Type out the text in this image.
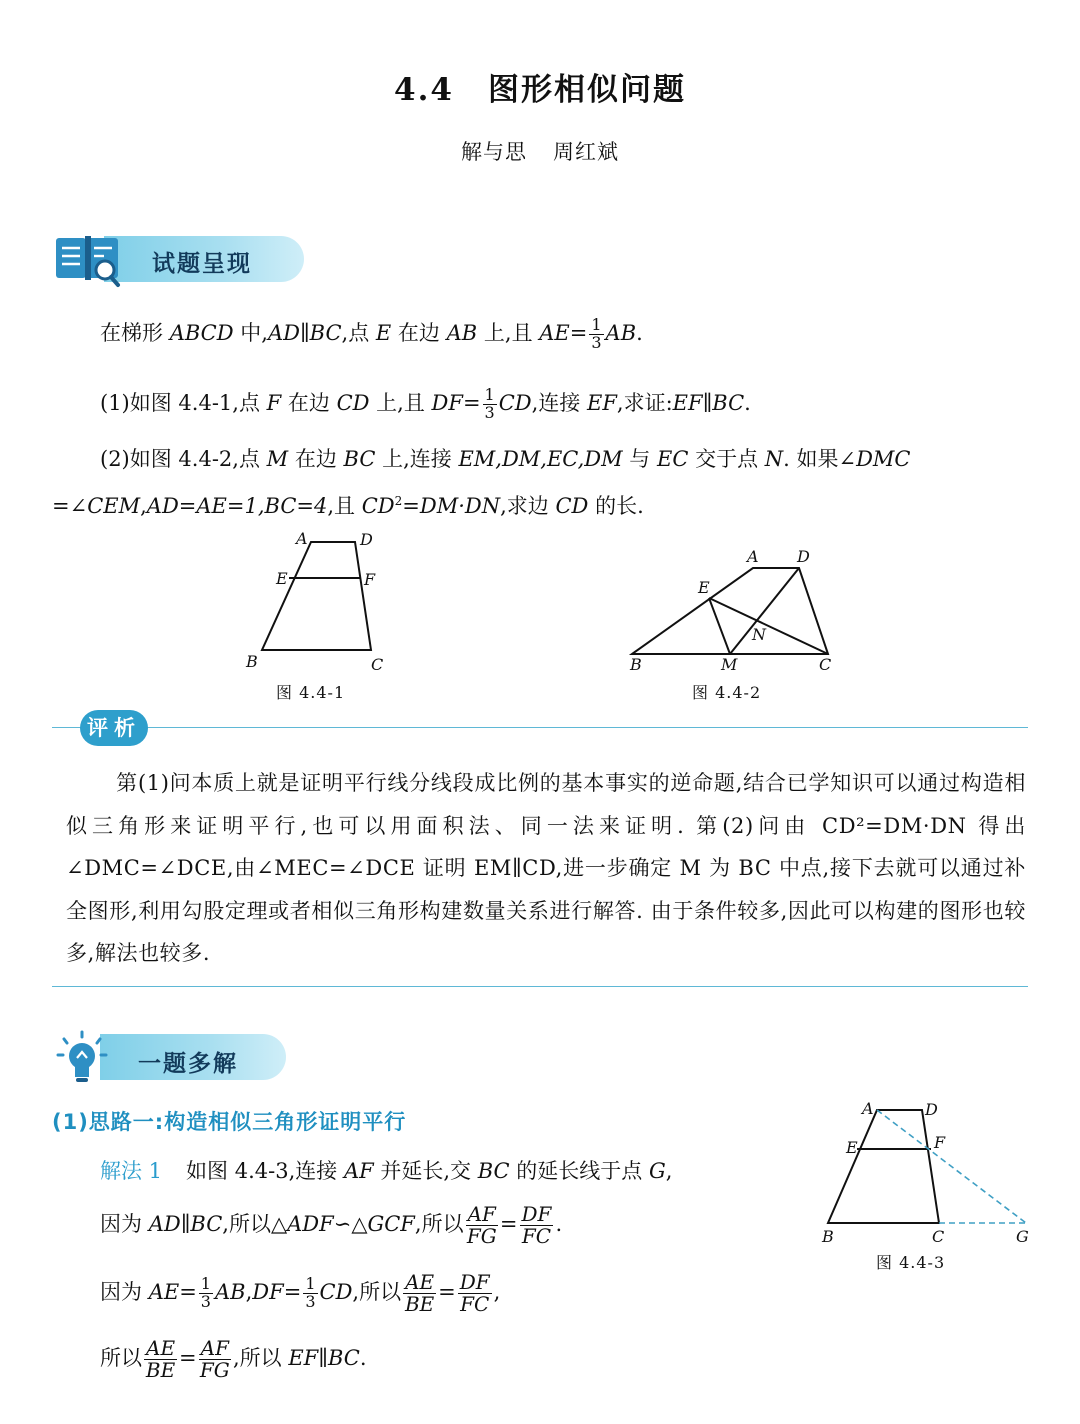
4.4 图形相似问题
解与思 周红斌
试题呈现
在梯形 ABCD 中,AD∥BC,点 E 在边 AB 上,且 $AE= \frac{1}{3}$ AB.
(1)如图 4.4-1,点 F 在边 CD 上,且 $DF= \frac{1}{3}$ CD,连接 EF,求证:EF∥BC.
(2)如图 4.4-2,点 M 在边 BC 上,连接 EM,DM,EC,DM 与 EC 交于点 N. 如果∠DMC
=∠CEM,AD=AE=1,BC=4,且 $CD^2=DM\cdot DN$,求边 CD 的长.
A	D
E	F
B	C
图 4.4-1
A D
E
N
B	M	C
图 4.4-2
评析
第(1)问本质上就是证明平行线分线段成比例的基本事实的逆命题,结合已学知识可以通过构造相似三角形来证明平行,也可以用面积法、同一法来证明. 第(2)问由 CD²=DM·DN 得出∠DMC=∠DCE,由∠MEC=∠DCE 证明 EM∥CD,进一步确定 M 为 BC 中点,接下去就可以通过补全图形,利用勾股定理或者相似三角形构建数量关系进行解答. 由于条件较多,因此可以构建的图形也较多,解法也较多.
一题多解
(1)思路一:构造相似三角形证明平行
解法 1 如图 4.4-3,连接 AF 并延长,交 BC 的延长线于点 G,
因为 AD∥BC,所以△ADF∽△GCF,所以 $\frac{AF}{FG} = \frac{DF}{FC}$ .
因为 $AE= \frac{1}{3} AB,DF= \frac{1}{3}$ CD,所以 $\frac{AE}{BE} = \frac{DF}{FC}$ ,
所以 $\frac{AE}{BE} = \frac{AF}{FG}$ ,所以 EF∥BC.
A	D
E	F
B	C	G
图 4.4-3
